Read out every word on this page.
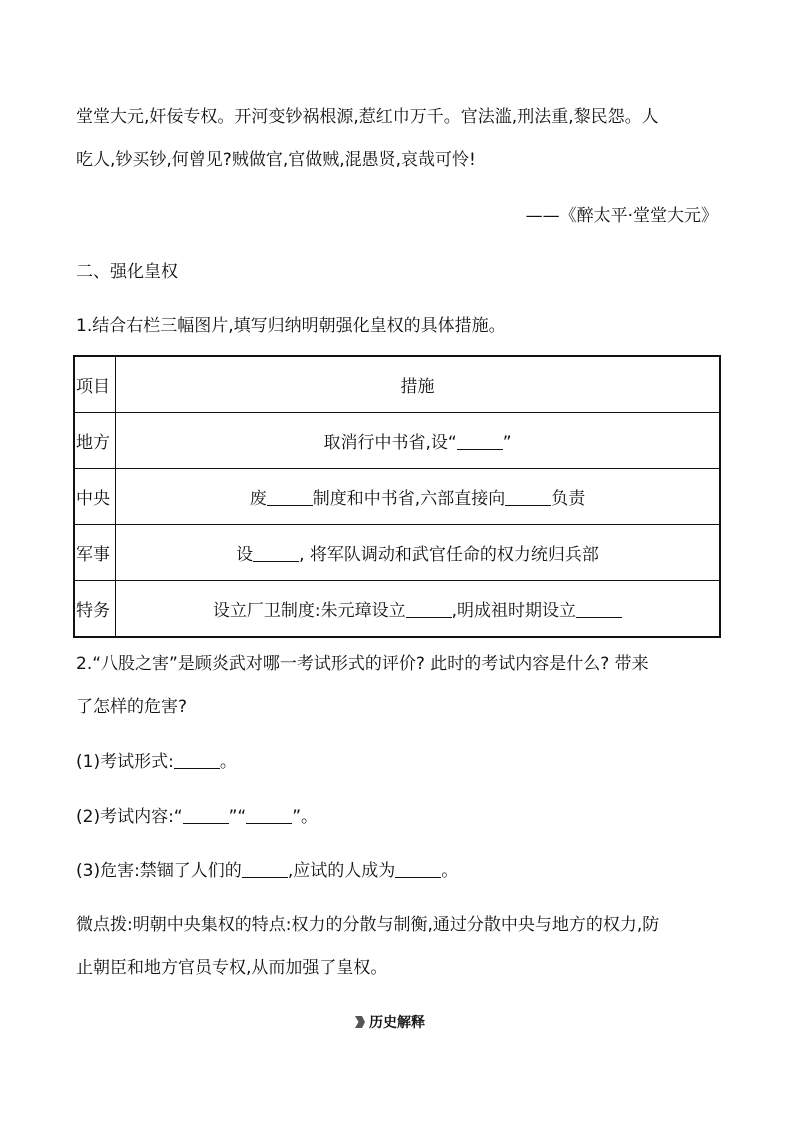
堂堂大元,奸佞专权。开河变钞祸根源,惹红巾万千。官法滥,刑法重,黎民怨。人
吃人,钞买钞,何曾见?贼做官,官做贼,混愚贤,哀哉可怜!
——《醉太平·堂堂大元》
二、强化皇权
1.结合右栏三幅图片,填写归纳明朝强化皇权的具体措施。
项目	措施
地方	取消行中书省,设“ ”
中央	废 制度和中书省,六部直接向 负责
军事	设 , 将军队调动和武官任命的权力统归兵部
特务	设立厂卫制度:朱元璋设立 ,明成祖时期设立
2.“八股之害”是顾炎武对哪一考试形式的评价? 此时的考试内容是什么? 带来
了怎样的危害?
(1)考试形式:	。
(2)考试内容:“	”“	”。
(3)危害:禁锢了人们的	,应试的人成为	。
微点拨:明朝中央集权的特点:权力的分散与制衡,通过分散中央与地方的权力,防
止朝臣和地方官员专权,从而加强了皇权。
历史解释
